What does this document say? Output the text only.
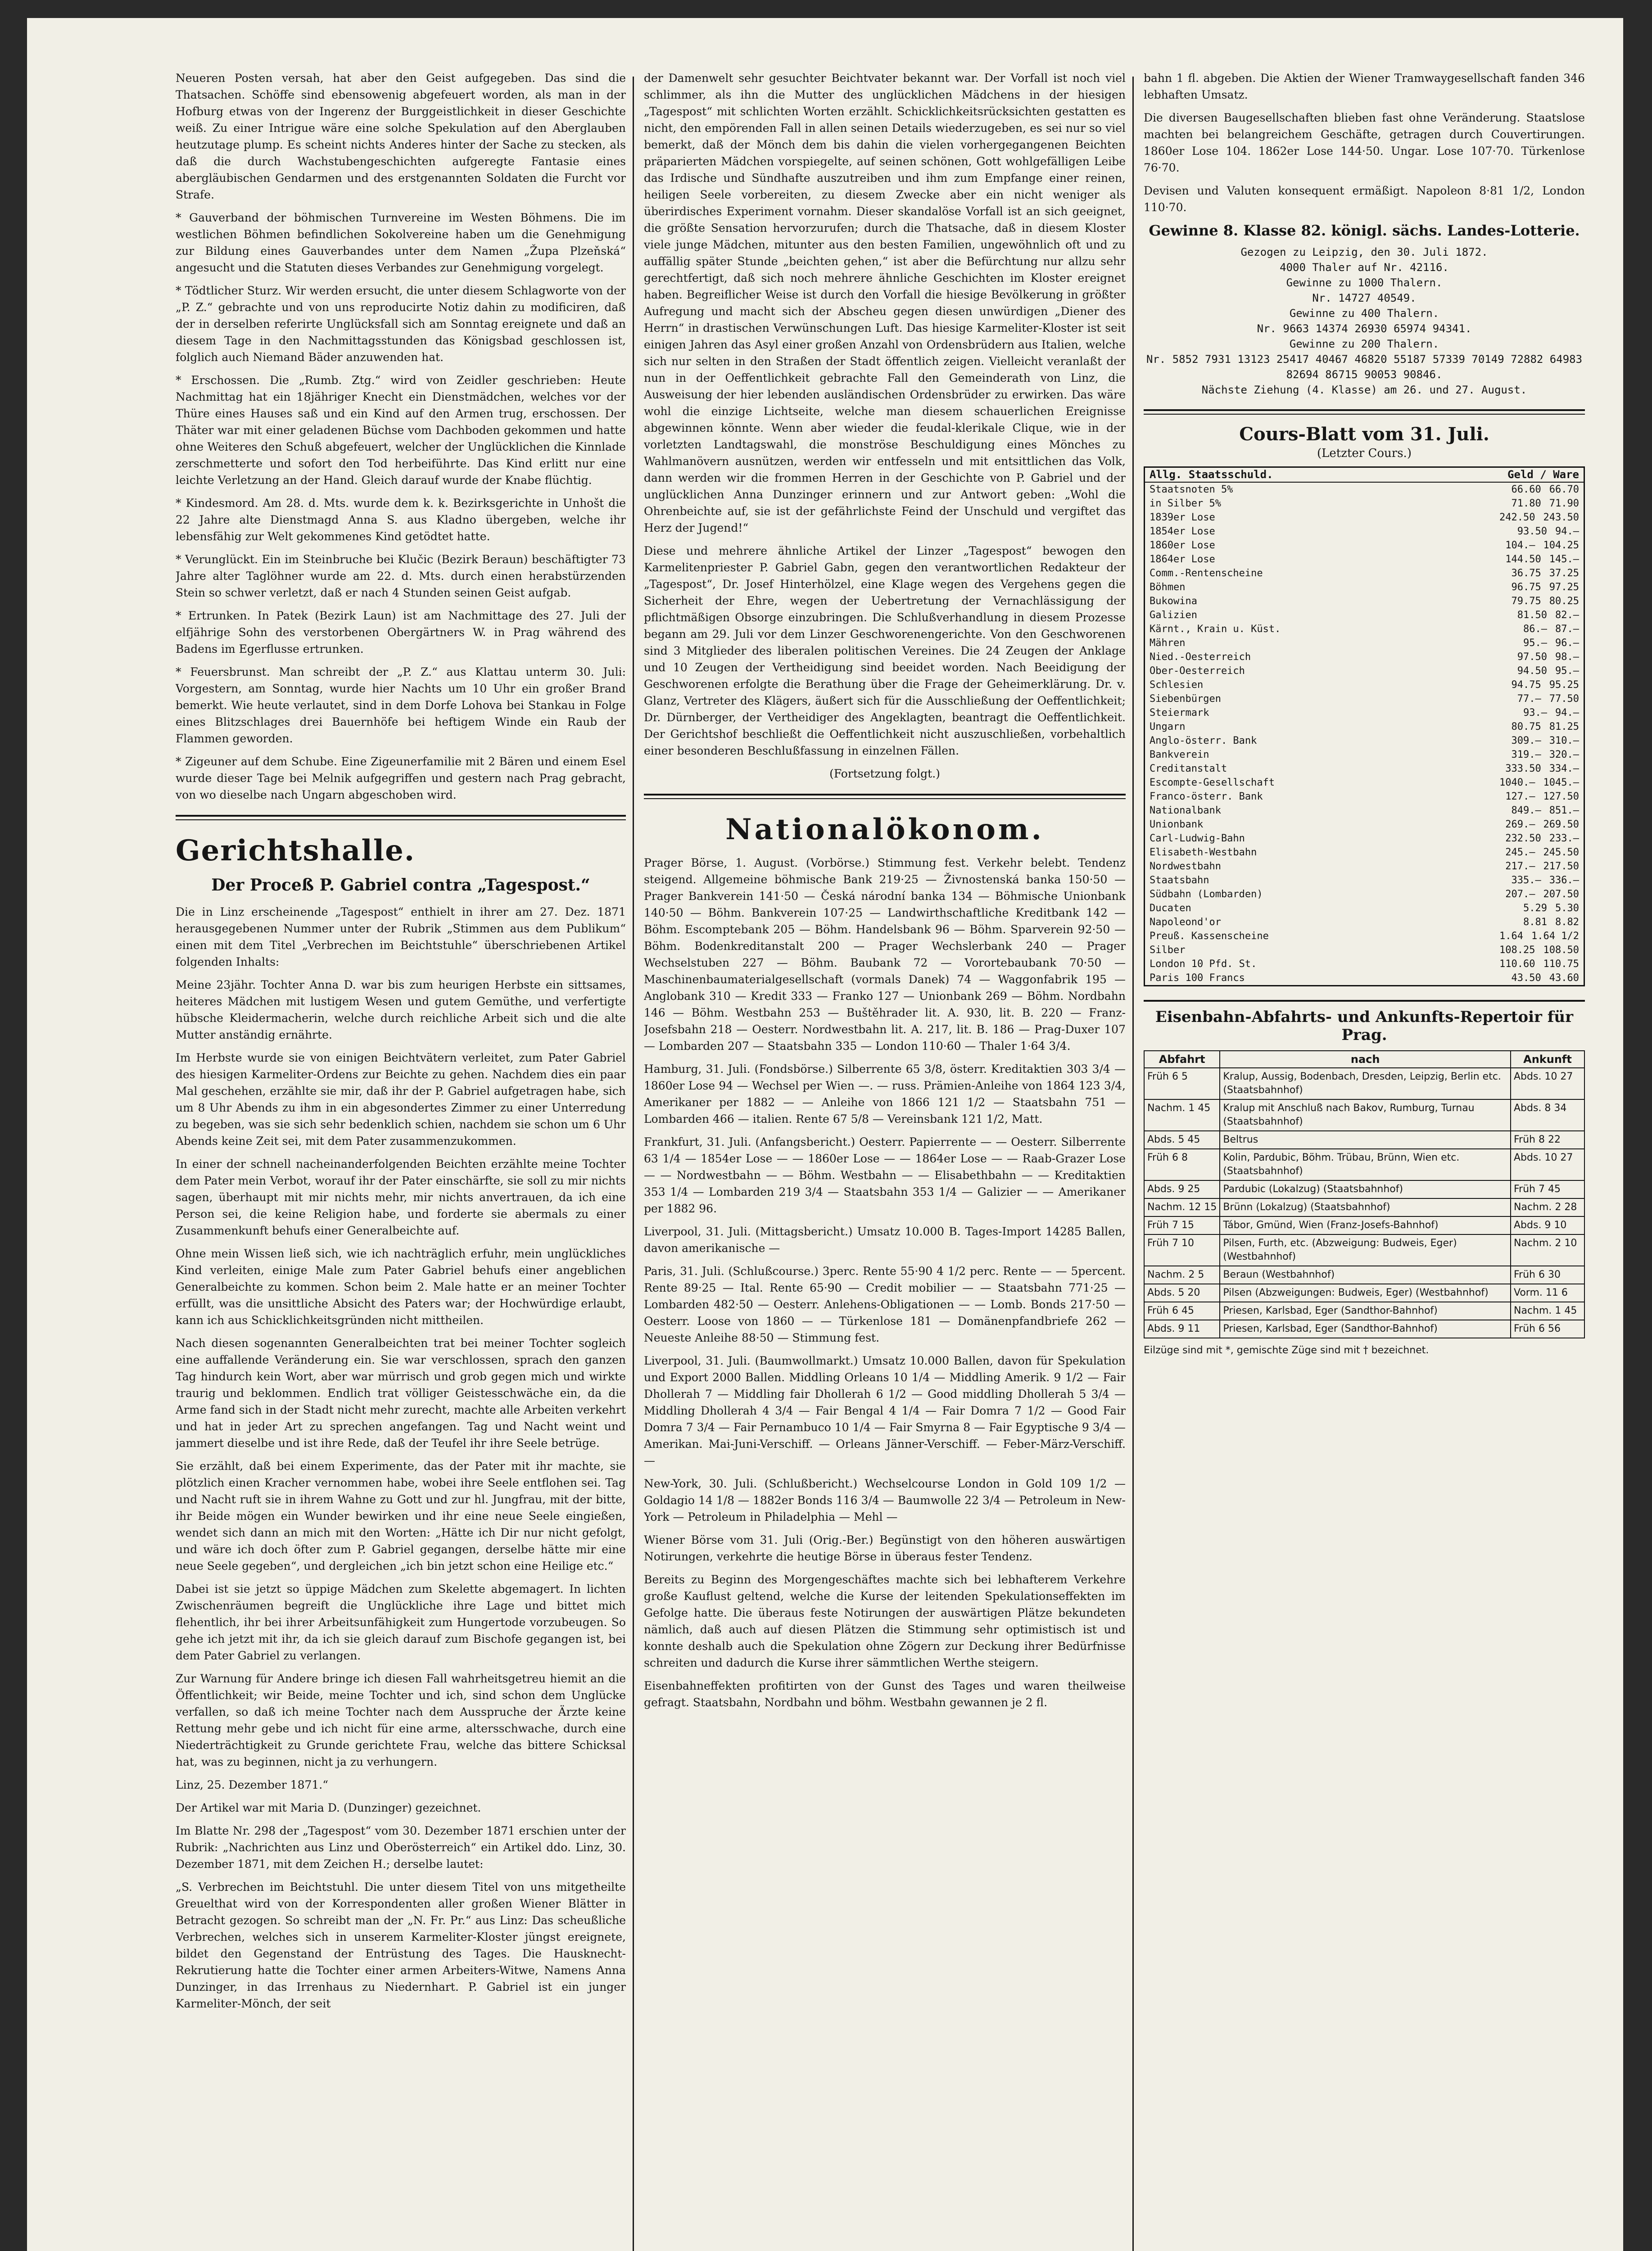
Neueren Posten versah, hat aber den Geist aufgegeben. Das sind die Thatsachen. Schöffe sind ebensowenig abgefeuert worden, als man in der Hofburg etwas von der Ingerenz der Burggeistlichkeit in dieser Geschichte weiß. Zu einer Intrigue wäre eine solche Spekulation auf den Aberglauben heutzutage plump. Es scheint nichts Anderes hinter der Sache zu stecken, als daß die durch Wachstubengeschichten aufgeregte Fantasie eines abergläubischen Gendarmen und des erstgenannten Soldaten die Furcht vor Strafe.

* Gauverband der böhmischen Turnvereine im Westen Böhmens. Die im westlichen Böhmen befindlichen Sokolvereine haben um die Genehmigung zur Bildung eines Gauverbandes unter dem Namen „Župa Plzeňská“ angesucht und die Statuten dieses Verbandes zur Genehmigung vorgelegt.

* Tödtlicher Sturz. Wir werden ersucht, die unter diesem Schlagworte von der „P. Z.“ gebrachte und von uns reproducirte Notiz dahin zu modificiren, daß der in derselben referirte Unglücksfall sich am Sonntag ereignete und daß an diesem Tage in den Nachmittagsstunden das Königsbad geschlossen ist, folglich auch Niemand Bäder anzuwenden hat.

* Erschossen. Die „Rumb. Ztg.“ wird von Zeidler geschrieben: Heute Nachmittag hat ein 18jähriger Knecht ein Dienstmädchen, welches vor der Thüre eines Hauses saß und ein Kind auf den Armen trug, erschossen. Der Thäter war mit einer geladenen Büchse vom Dachboden gekommen und hatte ohne Weiteres den Schuß abgefeuert, welcher der Unglücklichen die Kinnlade zerschmetterte und sofort den Tod herbeiführte. Das Kind erlitt nur eine leichte Verletzung an der Hand. Gleich darauf wurde der Knabe flüchtig.

* Kindesmord. Am 28. d. Mts. wurde dem k. k. Bezirksgerichte in Unhošt die 22 Jahre alte Dienstmagd Anna S. aus Kladno übergeben, welche ihr lebensfähig zur Welt gekommenes Kind getödtet hatte.

* Verunglückt. Ein im Steinbruche bei Klučic (Bezirk Beraun) beschäftigter 73 Jahre alter Taglöhner wurde am 22. d. Mts. durch einen herabstürzenden Stein so schwer verletzt, daß er nach 4 Stunden seinen Geist aufgab.

* Ertrunken. In Patek (Bezirk Laun) ist am Nachmittage des 27. Juli der elfjährige Sohn des verstorbenen Obergärtners W. in Prag während des Badens im Egerflusse ertrunken.

* Feuersbrunst. Man schreibt der „P. Z.“ aus Klattau unterm 30. Juli: Vorgestern, am Sonntag, wurde hier Nachts um 10 Uhr ein großer Brand bemerkt. Wie heute verlautet, sind in dem Dorfe Lohova bei Stankau in Folge eines Blitzschlages drei Bauernhöfe bei heftigem Winde ein Raub der Flammen geworden.

* Zigeuner auf dem Schube. Eine Zigeunerfamilie mit 2 Bären und einem Esel wurde dieser Tage bei Melnik aufgegriffen und gestern nach Prag gebracht, von wo dieselbe nach Ungarn abgeschoben wird.

Gerichtshalle.
Der Proceß P. Gabriel contra „Tagespost.“

Die in Linz erscheinende „Tagespost“ enthielt in ihrer am 27. Dez. 1871 herausgegebenen Nummer unter der Rubrik „Stimmen aus dem Publikum“ einen mit dem Titel „Verbrechen im Beichtstuhle“ überschriebenen Artikel folgenden Inhalts:

Meine 23jähr. Tochter Anna D. war bis zum heurigen Herbste ein sittsames, heiteres Mädchen mit lustigem Wesen und gutem Gemüthe, und verfertigte hübsche Kleidermacherin, welche durch reichliche Arbeit sich und die alte Mutter anständig ernährte.

Im Herbste wurde sie von einigen Beichtvätern verleitet, zum Pater Gabriel des hiesigen Karmeliter-Ordens zur Beichte zu gehen. Nachdem dies ein paar Mal geschehen, erzählte sie mir, daß ihr der P. Gabriel aufgetragen habe, sich um 8 Uhr Abends zu ihm in ein abgesondertes Zimmer zu einer Unterredung zu begeben, was sie sich sehr bedenklich schien, nachdem sie schon um 6 Uhr Abends keine Zeit sei, mit dem Pater zusammenzukommen.

In einer der schnell nacheinanderfolgenden Beichten erzählte meine Tochter dem Pater mein Verbot, worauf ihr der Pater einschärfte, sie soll zu mir nichts sagen, überhaupt mit mir nichts mehr, mir nichts anvertrauen, da ich eine Person sei, die keine Religion habe, und forderte sie abermals zu einer Zusammenkunft behufs einer Generalbeichte auf.

Ohne mein Wissen ließ sich, wie ich nachträglich erfuhr, mein unglückliches Kind verleiten, einige Male zum Pater Gabriel behufs einer angeblichen Generalbeichte zu kommen. Schon beim 2. Male hatte er an meiner Tochter erfüllt, was die unsittliche Absicht des Paters war; der Hochwürdige erlaubt, kann ich aus Schicklichkeitsgründen nicht mittheilen.

Nach diesen sogenannten Generalbeichten trat bei meiner Tochter sogleich eine auffallende Veränderung ein. Sie war verschlossen, sprach den ganzen Tag hindurch kein Wort, aber war mürrisch und grob gegen mich und wirkte traurig und beklommen. Endlich trat völliger Geistesschwäche ein, da die Arme fand sich in der Stadt nicht mehr zurecht, machte alle Arbeiten verkehrt und hat in jeder Art zu sprechen angefangen. Tag und Nacht weint und jammert dieselbe und ist ihre Rede, daß der Teufel ihr ihre Seele betrüge.

Sie erzählt, daß bei einem Experimente, das der Pater mit ihr machte, sie plötzlich einen Kracher vernommen habe, wobei ihre Seele entflohen sei. Tag und Nacht ruft sie in ihrem Wahne zu Gott und zur hl. Jungfrau, mit der bitte, ihr Beide mögen ein Wunder bewirken und ihr eine neue Seele eingießen, wendet sich dann an mich mit den Worten: „Hätte ich Dir nur nicht gefolgt, und wäre ich doch öfter zum P. Gabriel gegangen, derselbe hätte mir eine neue Seele gegeben“, und dergleichen „ich bin jetzt schon eine Heilige etc.“

Dabei ist sie jetzt so üppige Mädchen zum Skelette abgemagert. In lichten Zwischenräumen begreift die Unglückliche ihre Lage und bittet mich flehentlich, ihr bei ihrer Arbeitsunfähigkeit zum Hungertode vorzubeugen. So gehe ich jetzt mit ihr, da ich sie gleich darauf zum Bischofe gegangen ist, bei dem Pater Gabriel zu verlangen.

Zur Warnung für Andere bringe ich diesen Fall wahrheitsgetreu hiemit an die Öffentlichkeit; wir Beide, meine Tochter und ich, sind schon dem Unglücke verfallen, so daß ich meine Tochter nach dem Ausspruche der Ärzte keine Rettung mehr gebe und ich nicht für eine arme, altersschwache, durch eine Niederträchtigkeit zu Grunde gerichtete Frau, welche das bittere Schicksal hat, was zu beginnen, nicht ja zu verhungern.

Linz, 25. Dezember 1871.“

Der Artikel war mit Maria D. (Dunzinger) gezeichnet.

Im Blatte Nr. 298 der „Tagespost“ vom 30. Dezember 1871 erschien unter der Rubrik: „Nachrichten aus Linz und Oberösterreich“ ein Artikel ddo. Linz, 30. Dezember 1871, mit dem Zeichen H.; derselbe lautet:

„S. Verbrechen im Beichtstuhl. Die unter diesem Titel von uns mitgetheilte Greuelthat wird von der Korrespondenten aller großen Wiener Blätter in Betracht gezogen. So schreibt man der „N. Fr. Pr.“ aus Linz: Das scheußliche Verbrechen, welches sich in unserem Karmeliter-Kloster jüngst ereignete, bildet den Gegenstand der Entrüstung des Tages. Die Hausknecht-Rekrutierung hatte die Tochter einer armen Arbeiters-Witwe, Namens Anna Dunzinger, in das Irrenhaus zu Niedernhart. P. Gabriel ist ein junger Karmeliter-Mönch, der seit

der Damenwelt sehr gesuchter Beichtvater bekannt war. Der Vorfall ist noch viel schlimmer, als ihn die Mutter des unglücklichen Mädchens in der hiesigen „Tagespost“ mit schlichten Worten erzählt. Schicklichkeitsrücksichten gestatten es nicht, den empörenden Fall in allen seinen Details wiederzugeben, es sei nur so viel bemerkt, daß der Mönch dem bis dahin die vielen vorhergegangenen Beichten präparierten Mädchen vorspiegelte, auf seinen schönen, Gott wohlgefälligen Leibe das Irdische und Sündhafte auszutreiben und ihm zum Empfange einer reinen, heiligen Seele vorbereiten, zu diesem Zwecke aber ein nicht weniger als überirdisches Experiment vornahm. Dieser skandalöse Vorfall ist an sich geeignet, die größte Sensation hervorzurufen; durch die Thatsache, daß in diesem Kloster viele junge Mädchen, mitunter aus den besten Familien, ungewöhnlich oft und zu auffällig später Stunde „beichten gehen,“ ist aber die Befürchtung nur allzu sehr gerechtfertigt, daß sich noch mehrere ähnliche Geschichten im Kloster ereignet haben. Begreiflicher Weise ist durch den Vorfall die hiesige Bevölkerung in größter Aufregung und macht sich der Abscheu gegen diesen unwürdigen „Diener des Herrn“ in drastischen Verwünschungen Luft. Das hiesige Karmeliter-Kloster ist seit einigen Jahren das Asyl einer großen Anzahl von Ordensbrüdern aus Italien, welche sich nur selten in den Straßen der Stadt öffentlich zeigen. Vielleicht veranlaßt der nun in der Oeffentlichkeit gebrachte Fall den Gemeinderath von Linz, die Ausweisung der hier lebenden ausländischen Ordensbrüder zu erwirken. Das wäre wohl die einzige Lichtseite, welche man diesem schauerlichen Ereignisse abgewinnen könnte. Wenn aber wieder die feudal-klerikale Clique, wie in der vorletzten Landtagswahl, die monströse Beschuldigung eines Mönches zu Wahlmanövern ausnützen, werden wir entfesseln und mit entsittlichen das Volk, dann werden wir die frommen Herren in der Geschichte von P. Gabriel und der unglücklichen Anna Dunzinger erinnern und zur Antwort geben: „Wohl die Ohrenbeichte auf, sie ist der gefährlichste Feind der Unschuld und vergiftet das Herz der Jugend!“

Diese und mehrere ähnliche Artikel der Linzer „Tagespost“ bewogen den Karmelitenpriester P. Gabriel Gabn, gegen den verantwortlichen Redakteur der „Tagespost“, Dr. Josef Hinterhölzel, eine Klage wegen des Vergehens gegen die Sicherheit der Ehre, wegen der Uebertretung der Vernachlässigung der pflichtmäßigen Obsorge einzubringen. Die Schlußverhandlung in diesem Prozesse begann am 29. Juli vor dem Linzer Geschworenengerichte. Von den Geschworenen sind 3 Mitglieder des liberalen politischen Vereines. Die 24 Zeugen der Anklage und 10 Zeugen der Vertheidigung sind beeidet worden. Nach Beeidigung der Geschworenen erfolgte die Berathung über die Frage der Geheimerklärung. Dr. v. Glanz, Vertreter des Klägers, äußert sich für die Ausschließung der Oeffentlichkeit; Dr. Dürnberger, der Vertheidiger des Angeklagten, beantragt die Oeffentlichkeit. Der Gerichtshof beschließt die Oeffentlichkeit nicht auszuschließen, vorbehaltlich einer besonderen Beschlußfassung in einzelnen Fällen.

(Fortsetzung folgt.)

Nationalökonom.

Prager Börse, 1. August. (Vorbörse.) Stimmung fest. Verkehr belebt. Tendenz steigend. Allgemeine böhmische Bank 219·25 — Živnostenská banka 150·50 — Prager Bankverein 141·50 — Česká národní banka 134 — Böhmische Unionbank 140·50 — Böhm. Bankverein 107·25 — Landwirthschaftliche Kreditbank 142 — Böhm. Escomptebank 205 — Böhm. Handelsbank 96 — Böhm. Sparverein 92·50 — Böhm. Bodenkreditanstalt 200 — Prager Wechslerbank 240 — Prager Wechselstuben 227 — Böhm. Baubank 72 — Vorortebaubank 70·50 — Maschinenbaumaterialgesellschaft (vormals Danek) 74 — Waggonfabrik 195 — Anglobank 310 — Kredit 333 — Franko 127 — Unionbank 269 — Böhm. Nordbahn 146 — Böhm. Westbahn 253 — Buštěhrader lit. A. 930, lit. B. 220 — Franz-Josefsbahn 218 — Oesterr. Nordwestbahn lit. A. 217, lit. B. 186 — Prag-Duxer 107 — Lombarden 207 — Staatsbahn 335 — London 110·60 — Thaler 1·64 3/4.

Hamburg, 31. Juli. (Fondsbörse.) Silberrente 65 3/8, österr. Kreditaktien 303 3/4 — 1860er Lose 94 — Wechsel per Wien —. — russ. Prämien-Anleihe von 1864 123 3/4, Amerikaner per 1882 — — Anleihe von 1866 121 1/2 — Staatsbahn 751 — Lombarden 466 — italien. Rente 67 5/8 — Vereinsbank 121 1/2, Matt.

Frankfurt, 31. Juli. (Anfangsbericht.) Oesterr. Papierrente — — Oesterr. Silberrente 63 1/4 — 1854er Lose — — 1860er Lose — — 1864er Lose — — Raab-Grazer Lose — — Nordwestbahn — — Böhm. Westbahn — — Elisabethbahn — — Kreditaktien 353 1/4 — Lombarden 219 3/4 — Staatsbahn 353 1/4 — Galizier — — Amerikaner per 1882 96.

Liverpool, 31. Juli. (Mittagsbericht.) Umsatz 10.000 B. Tages-Import 14285 Ballen, davon amerikanische —

Paris, 31. Juli. (Schlußcourse.) 3perc. Rente 55·90 4 1/2 perc. Rente — — 5percent. Rente 89·25 — Ital. Rente 65·90 — Credit mobilier — — Staatsbahn 771·25 — Lombarden 482·50 — Oesterr. Anlehens-Obligationen — — Lomb. Bonds 217·50 — Oesterr. Loose von 1860 — — Türkenlose 181 — Domänenpfandbriefe 262 — Neueste Anleihe 88·50 — Stimmung fest.

Liverpool, 31. Juli. (Baumwollmarkt.) Umsatz 10.000 Ballen, davon für Spekulation und Export 2000 Ballen. Middling Orleans 10 1/4 — Middling Amerik. 9 1/2 — Fair Dhollerah 7 — Middling fair Dhollerah 6 1/2 — Good middling Dhollerah 5 3/4 — Middling Dhollerah 4 3/4 — Fair Bengal 4 1/4 — Fair Domra 7 1/2 — Good Fair Domra 7 3/4 — Fair Pernambuco 10 1/4 — Fair Smyrna 8 — Fair Egyptische 9 3/4 — Amerikan. Mai-Juni-Verschiff. — Orleans Jänner-Verschiff. — Feber-März-Verschiff. —

New-York, 30. Juli. (Schlußbericht.) Wechselcourse London in Gold 109 1/2 — Goldagio 14 1/8 — 1882er Bonds 116 3/4 — Baumwolle 22 3/4 — Petroleum in New-York — Petroleum in Philadelphia — Mehl —

Wiener Börse vom 31. Juli (Orig.-Ber.) Begünstigt von den höheren auswärtigen Notirungen, verkehrte die heutige Börse in überaus fester Tendenz.

Bereits zu Beginn des Morgengeschäftes machte sich bei lebhafterem Verkehre große Kauflust geltend, welche die Kurse der leitenden Spekulationseffekten im Gefolge hatte. Die überaus feste Notirungen der auswärtigen Plätze bekundeten nämlich, daß auch auf diesen Plätzen die Stimmung sehr optimistisch ist und konnte deshalb auch die Spekulation ohne Zögern zur Deckung ihrer Bedürfnisse schreiten und dadurch die Kurse ihrer sämmtlichen Werthe steigern.

Eisenbahneffekten profitirten von der Gunst des Tages und waren theilweise gefragt. Staatsbahn, Nordbahn und böhm. Westbahn gewannen je 2 fl.

bahn 1 fl. abgeben. Die Aktien der Wiener Tramwaygesellschaft fanden 346 lebhaften Umsatz.

Die diversen Baugesellschaften blieben fast ohne Veränderung. Staatslose machten bei belangreichem Geschäfte, getragen durch Couvertirungen. 1860er Lose 104. 1862er Lose 144·50. Ungar. Lose 107·70. Türkenlose 76·70.

Devisen und Valuten konsequent ermäßigt. Napoleon 8·81 1/2, London 110·70.

Gewinne 8. Klasse 82. königl. sächs. Landes-Lotterie.
Gezogen zu Leipzig, den 30. Juli 1872.
4000 Thaler auf Nr. 42116.
Gewinne zu 1000 Thalern.
Nr. 14727 40549.
Gewinne zu 400 Thalern.
Nr. 9663 14374 26930 65974 94341.
Gewinne zu 200 Thalern.
Nr. 5852 7931 13123 25417 40467 46820 55187 57339 70149 72882 64983 82694 86715 90053 90846.
Nächste Ziehung (4. Klasse) am 26. und 27. August.
Cours-Blatt vom 31. Juli.
(Letzter Cours.)
Allg. Staatsschuld.	Geld / Ware
Staatsnoten 5%	66.60 66.70
in Silber 5%	71.80 71.90
1839er Lose	242.50 243.50
1854er Lose	93.50 94.—
1860er Lose	104.— 104.25
1864er Lose	144.50 145.—
Comm.-Rentenscheine	36.75 37.25
Böhmen	96.75 97.25
Bukowina	79.75 80.25
Galizien	81.50 82.—
Kärnt., Krain u. Küst.	86.— 87.—
Mähren	95.— 96.—
Nied.-Oesterreich	97.50 98.—
Ober-Oesterreich	94.50 95.—
Schlesien	94.75 95.25
Siebenbürgen	77.— 77.50
Steiermark	93.— 94.—
Ungarn	80.75 81.25
Anglo-österr. Bank	309.— 310.—
Bankverein	319.— 320.—
Creditanstalt	333.50 334.—
Escompte-Gesellschaft	1040.— 1045.—
Franco-österr. Bank	127.— 127.50
Nationalbank	849.— 851.—
Unionbank	269.— 269.50
Carl-Ludwig-Bahn	232.50 233.—
Elisabeth-Westbahn	245.— 245.50
Nordwestbahn	217.— 217.50
Staatsbahn	335.— 336.—
Südbahn (Lombarden)	207.— 207.50
Ducaten	5.29 5.30
Napoleond'or	8.81 8.82
Preuß. Kassenscheine	1.64 1.64 1/2
Silber	108.25 108.50
London 10 Pfd. St.	110.60 110.75
Paris 100 Francs	43.50 43.60
Eisenbahn-Abfahrts- und Ankunfts-Repertoir für Prag.
Abfahrt	nach	Ankunft
Früh 6 5	Kralup, Aussig, Bodenbach, Dresden, Leipzig, Berlin etc. (Staatsbahnhof)	Abds. 10 27
Nachm. 1 45	Kralup mit Anschluß nach Bakov, Rumburg, Turnau (Staatsbahnhof)	Abds. 8 34
Abds. 5 45	Beltrus	Früh 8 22
Früh 6 8	Kolin, Pardubic, Böhm. Trübau, Brünn, Wien etc. (Staatsbahnhof)	Abds. 10 27
Abds. 9 25	Pardubic (Lokalzug) (Staatsbahnhof)	Früh 7 45
Nachm. 12 15	Brünn (Lokalzug) (Staatsbahnhof)	Nachm. 2 28
Früh 7 15	Tábor, Gmünd, Wien (Franz-Josefs-Bahnhof)	Abds. 9 10
Früh 7 10	Pilsen, Furth, etc. (Abzweigung: Budweis, Eger) (Westbahnhof)	Nachm. 2 10
Nachm. 2 5	Beraun (Westbahnhof)	Früh 6 30
Abds. 5 20	Pilsen (Abzweigungen: Budweis, Eger) (Westbahnhof)	Vorm. 11 6
Früh 6 45	Priesen, Karlsbad, Eger (Sandthor-Bahnhof)	Nachm. 1 45
Abds. 9 11	Priesen, Karlsbad, Eger (Sandthor-Bahnhof)	Früh 6 56
Eilzüge sind mit *, gemischte Züge sind mit † bezeichnet.
